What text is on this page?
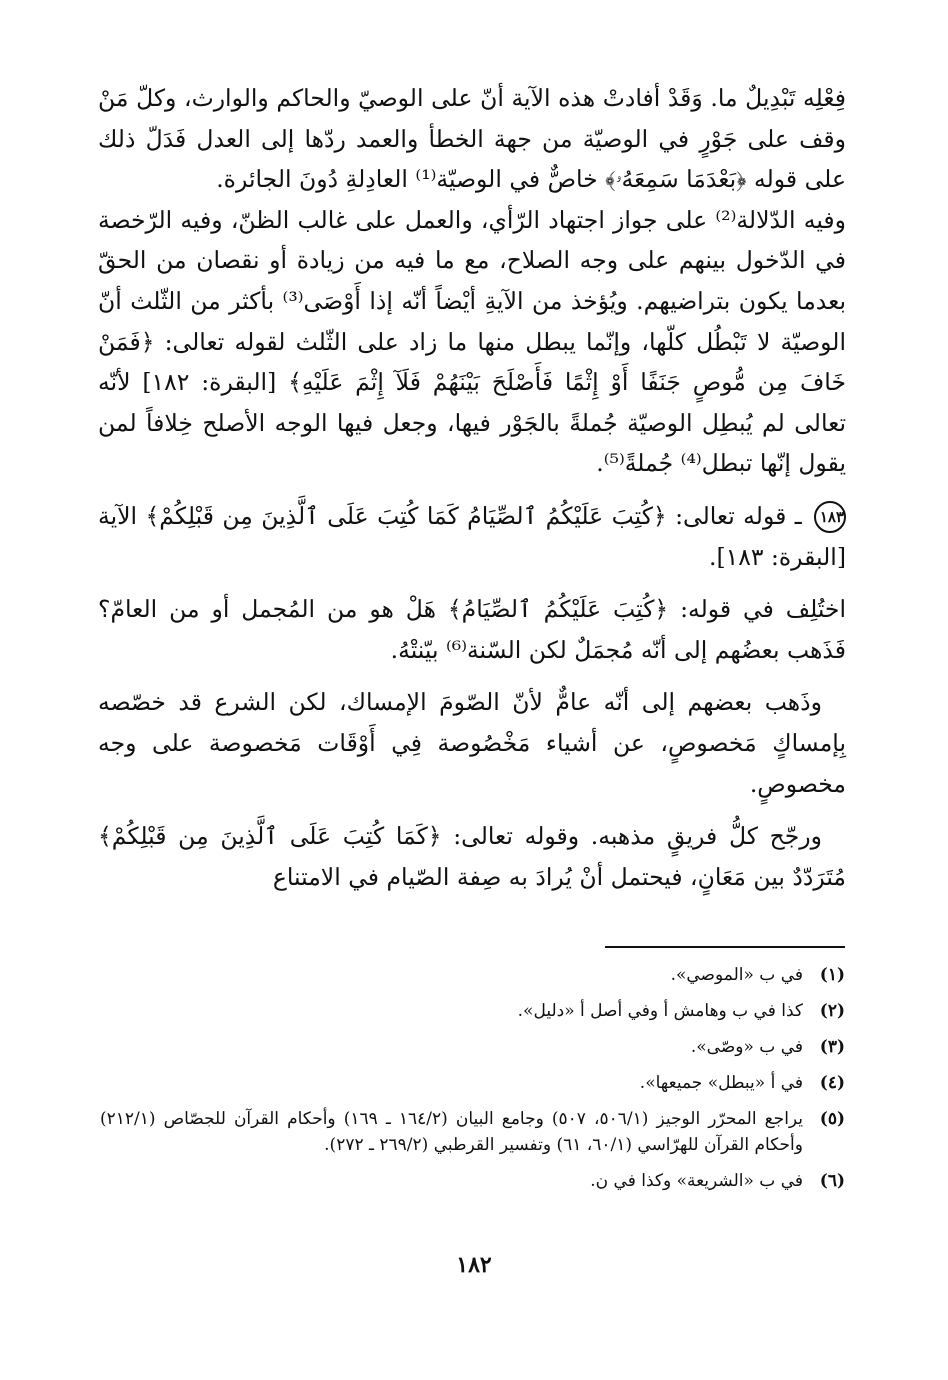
فِعْلِه تَبْدِيلٌ ما. وَقَدْ أفادتْ هذه الآية أنّ على الوصيّ والحاكم والوارث، وكلّ مَنْ وقف على جَوْرٍ في الوصيّة من جهة الخطأ والعمد ردّها إلى العدل فَدَلّ ذلك على قوله ﴿بَعْدَمَا سَمِعَهُۥ﴾ خاصٌّ في الوصيّة⁽¹⁾ العادِلةِ دُونَ الجائرة.

وفيه الدّلالة⁽²⁾ على جواز اجتهاد الرّأي، والعمل على غالب الظنّ، وفيه الرّخصة في الدّخول بينهم على وجه الصلاح، مع ما فيه من زيادة أو نقصان من الحقّ بعدما يكون بتراضيهم. ويُؤخذ من الآيةِ أيْضاً أنّه إذا أَوْصَى⁽³⁾ بأكثر من الثّلث أنّ الوصيّة لا تَبْطُل كلّها، وإنّما يبطل منها ما زاد على الثّلث لقوله تعالى: ﴿فَمَنْ خَافَ مِن مُّوصٍ جَنَفًا أَوْ إِثْمًا فَأَصْلَحَ بَيْنَهُمْ فَلَآ إِثْمَ عَلَيْهِ﴾ [البقرة: ١٨٢] لأنّه تعالى لم يُبطِل الوصيّة جُملةً بالجَوْر فيها، وجعل فيها الوجه الأصلح خِلافاً لمن يقول إنّها تبطل⁽⁴⁾ جُملةً⁽⁵⁾.

١٨٣ ـ قوله تعالى: ﴿كُتِبَ عَلَيْكُمُ ٱلصِّيَامُ كَمَا كُتِبَ عَلَى ٱلَّذِينَ مِن قَبْلِكُمْ﴾ الآية [البقرة: ١٨٣].

اختُلِف في قوله: ﴿كُتِبَ عَلَيْكُمُ ٱلصِّيَامُ﴾ هَلْ هو من المُجمل أو من العامّ؟ فَذَهب بعضُهم إلى أنّه مُجمَلٌ لكن السّنة⁽⁶⁾ بيّنتْهُ.

وذَهب بعضهم إلى أنّه عامٌّ لأنّ الصّومَ الإمساك، لكن الشرع قد خصّصه بِإمساكٍ مَخصوصٍ، عن أشياء مَخْصُوصة فِي أَوْقَات مَخصوصة على وجه مخصوصٍ.

ورجّح كلُّ فريقٍ مذهبه. وقوله تعالى: ﴿كَمَا كُتِبَ عَلَى ٱلَّذِينَ مِن قَبْلِكُمْ﴾ مُتَرَدّدٌ بين مَعَانٍ، فيحتمل أنْ يُرادَ به صِفة الصّيام في الامتناع

(١)
في ب «الموصي».
(٢)
كذا في ب وهامش أ وفي أصل أ «دليل».
(٣)
في ب «وصّى».
(٤)
في أ «يبطل» جميعها».
(٥)
يراجع المحرّر الوجيز (٥٠٦/١، ٥٠٧) وجامع البيان (١٦٤/٢ ـ ١٦٩) وأحكام القرآن للجصّاص (٢١٢/١) وأحكام القرآن للهرّاسي (٦٠/١، ٦١) وتفسير القرطبي (٢٦٩/٢ ـ ٢٧٢).
(٦)
في ب «الشريعة» وكذا في ن.
١٨٢
